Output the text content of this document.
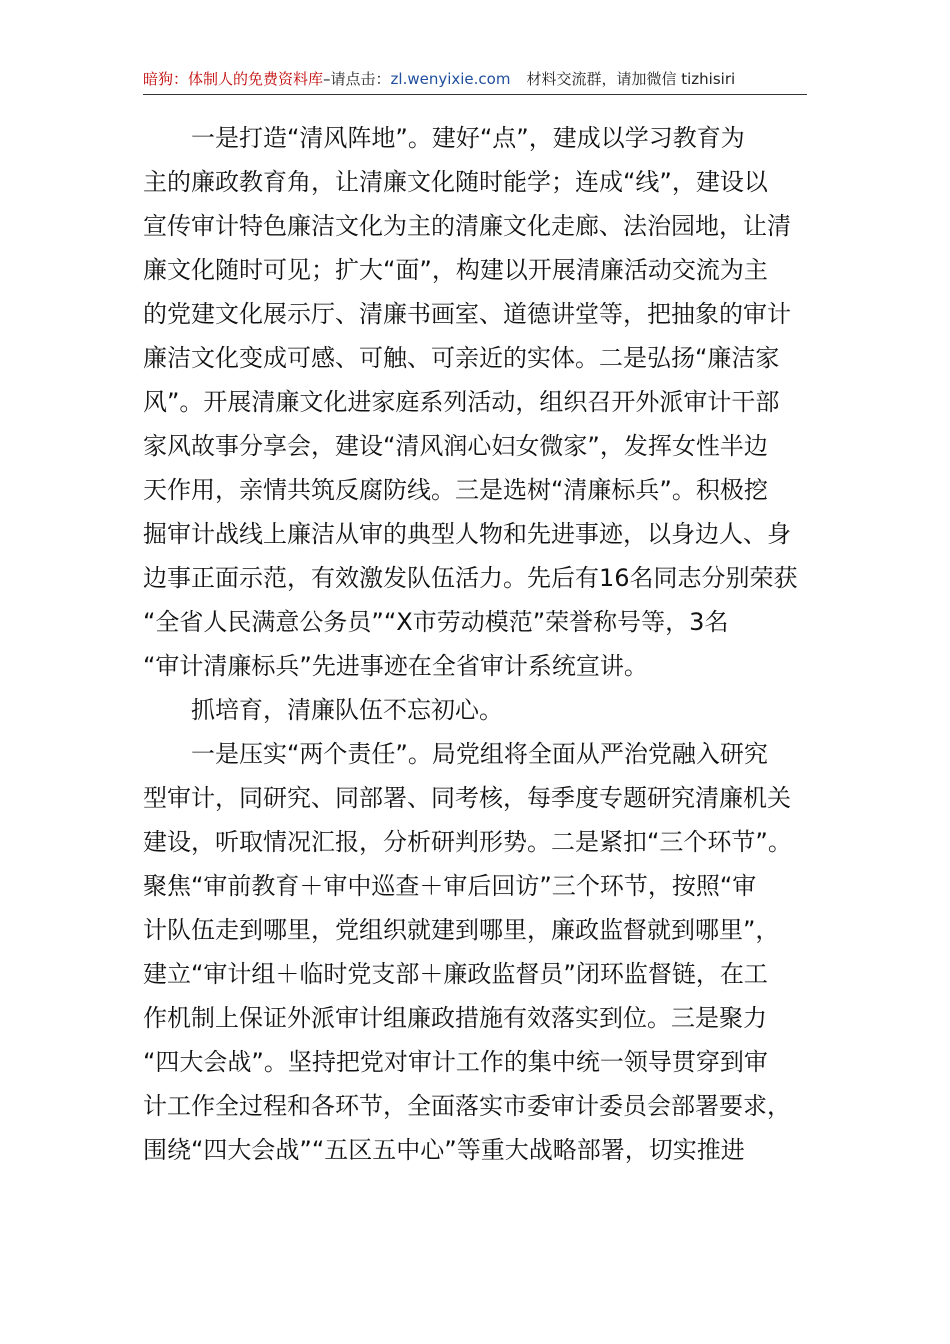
暗狗：体制人的免费资料库 –请点击： zl.wenyixie.com 材料交流群，请加微信 tizhisiri

一是打造“清风阵地”。建好“点”，建成以学习教育为
主的廉政教育角，让清廉文化随时能学；连成“线”，建设以
宣传审计特色廉洁文化为主的清廉文化走廊、法治园地，让清
廉文化随时可见；扩大“面”，构建以开展清廉活动交流为主
的党建文化展示厅、清廉书画室、道德讲堂等，把抽象的审计
廉洁文化变成可感、可触、可亲近的实体。二是弘扬“廉洁家
风”。开展清廉文化进家庭系列活动，组织召开外派审计干部
家风故事分享会，建设“清风润心妇女微家”，发挥女性半边
天作用，亲情共筑反腐防线。三是选树“清廉标兵”。积极挖
掘审计战线上廉洁从审的典型人物和先进事迹，以身边人、身
边事正面示范，有效激发队伍活力。先后有16名同志分别荣获
“全省人民满意公务员”“X市劳动模范”荣誉称号等，3名
“审计清廉标兵”先进事迹在全省审计系统宣讲。

抓培育，清廉队伍不忘初心。

一是压实“两个责任”。局党组将全面从严治党融入研究
型审计，同研究、同部署、同考核，每季度专题研究清廉机关
建设，听取情况汇报，分析研判形势。二是紧扣“三个环节”。
聚焦“审前教育＋审中巡查＋审后回访”三个环节，按照“审
计队伍走到哪里，党组织就建到哪里，廉政监督就到哪里”，
建立“审计组＋临时党支部＋廉政监督员”闭环监督链，在工
作机制上保证外派审计组廉政措施有效落实到位。三是聚力
“四大会战”。坚持把党对审计工作的集中统一领导贯穿到审
计工作全过程和各环节，全面落实市委审计委员会部署要求，
围绕“四大会战”“五区五中心”等重大战略部署，切实推进
